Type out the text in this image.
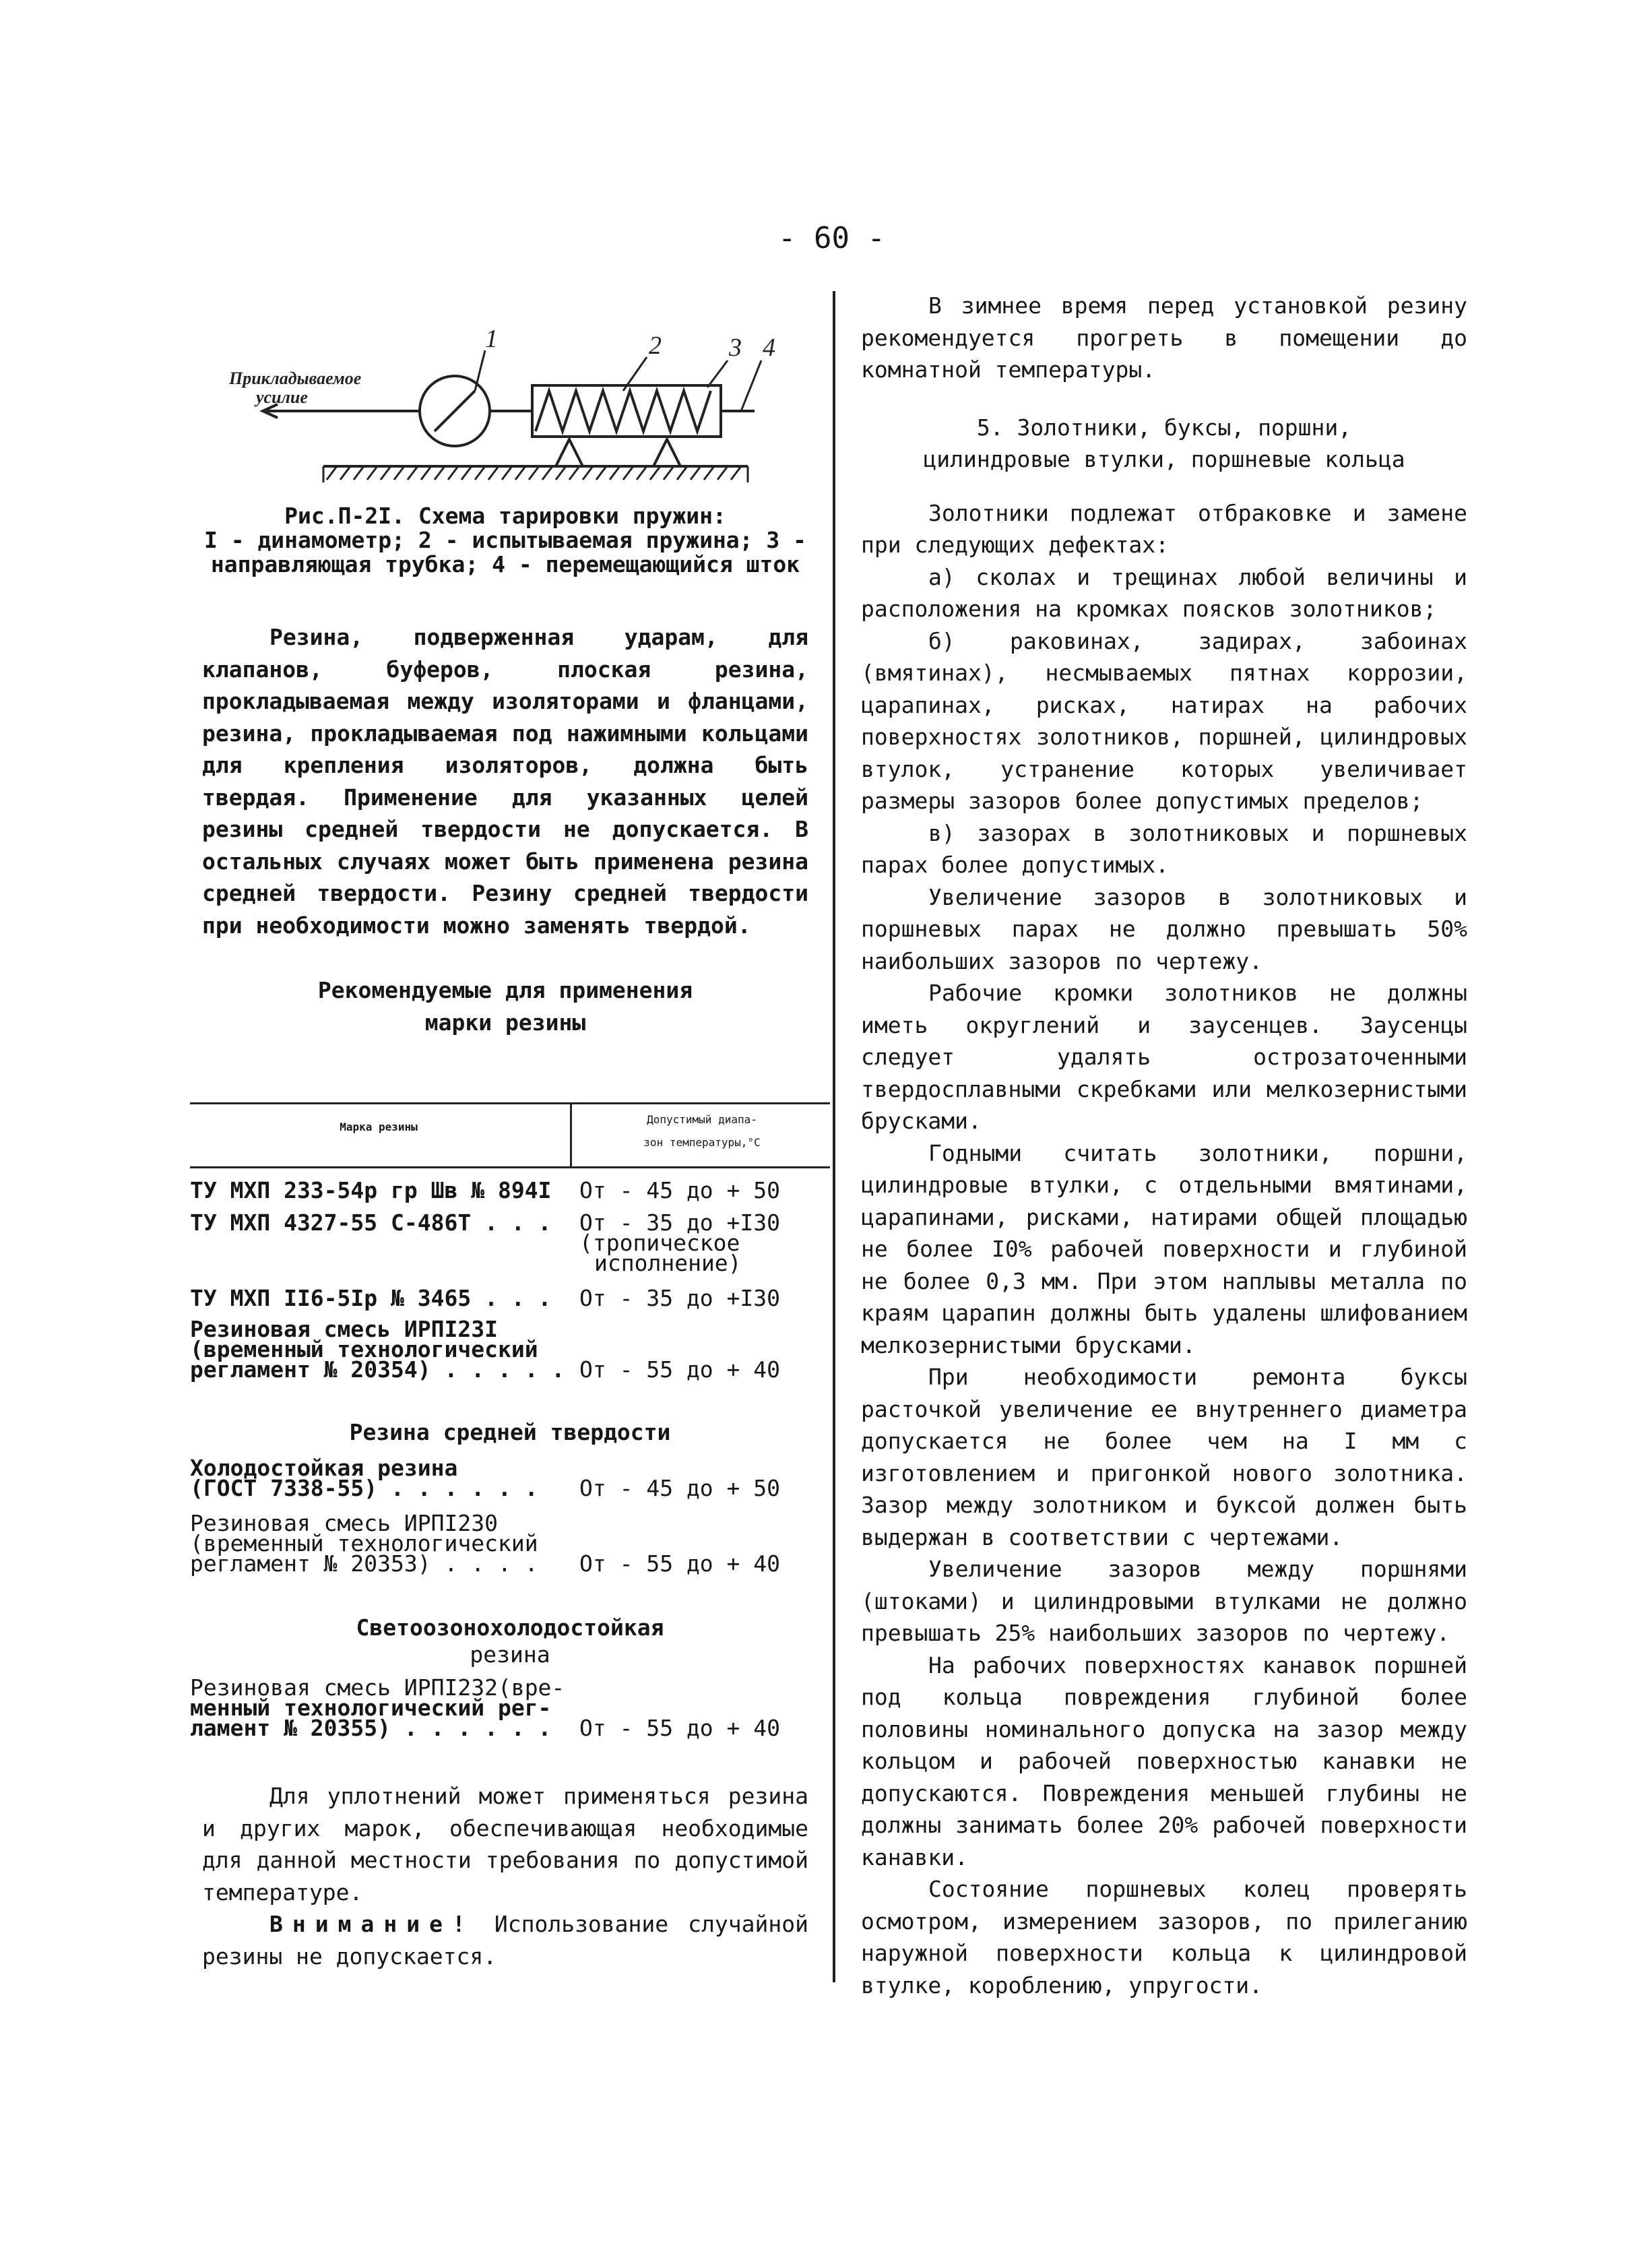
- 60 -
Прикладываемое
усилие
1	2	3 4
Рис.П-2I. Схема тарировки пружин:
I - динамометр; 2 - испытываемая пружина; 3 -
направляющая трубка; 4 - перемещающийся шток

Резина, подверженная ударам, для клапанов, буферов, плоская резина, прокладываемая между изоляторами и фланцами, резина, прокладываемая под нажимными кольцами для крепления изоляторов, должна быть твердая. Применение для указанных целей резины средней твердости не допускается. В остальных случаях может быть применена резина средней твердости. Резину средней твердости при необходимости можно заменять твердой.

Рекомендуемые для применения

марки резины

Марка резины
Допустимый диапа-
зон температуры,°С
ТУ МХП 233-54р гр Шв № 894I	От - 45 до + 50
ТУ МХП 4327-55 С-486Т . . .	От - 35 до +I30
(тропическое
исполнение)
ТУ МХП II6-5Iр № 3465 . . .	От - 35 до +I30
Резиновая смесь ИРПI23I
(временный технологический
регламент № 20354) . . . . . От - 55 до + 40
Резина средней твердости
Холодостойкая резина
(ГОСТ 7338-55) . . . . . .	От - 45 до + 50
Резиновая смесь ИРПI230
(временный технологический
регламент № 20353) . . . .	От - 55 до + 40
Светоозонохолодостойкая
резина
Резиновая смесь ИРПI232(вре-
менный технологический рег-
ламент № 20355) . . . . . .	От - 55 до + 40

Для уплотнений может применяться резина и других марок, обеспечивающая необходимые для данной местности требования по допустимой температуре.

Внимание! Использование случайной резины не допускается.

В зимнее время перед установкой резину рекомендуется прогреть в помещении до комнатной температуры.

5. Золотники, буксы, поршни,

цилиндровые втулки, поршневые кольца

Золотники подлежат отбраковке и замене при следующих дефектах:

а) сколах и трещинах любой величины и расположения на кромках поясков золотников;

б) раковинах, задирах, забоинах (вмятинах), несмываемых пятнах коррозии, царапинах, рисках, натирах на рабочих поверхностях золотников, поршней, цилиндровых втулок, устранение которых увеличивает размеры зазоров более допустимых пределов;

в) зазорах в золотниковых и поршневых парах более допустимых.

Увеличение зазоров в золотниковых и поршневых парах не должно превышать 50% наибольших зазоров по чертежу.

Рабочие кромки золотников не должны иметь округлений и заусенцев. Заусенцы следует удалять острозаточенными твердосплавными скребками или мелкозернистыми брусками.

Годными считать золотники, поршни, цилиндровые втулки, с отдельными вмятинами, царапинами, рисками, натирами общей площадью не более I0% рабочей поверхности и глубиной не более 0,3 мм. При этом наплывы металла по краям царапин должны быть удалены шлифованием мелкозернистыми брусками.

При необходимости ремонта буксы расточкой увеличение ее внутреннего диаметра допускается не более чем на I мм с изготовлением и пригонкой нового золотника. Зазор между золотником и буксой должен быть выдержан в соответствии с чертежами.

Увеличение зазоров между поршнями (штоками) и цилиндровыми втулками не должно превышать 25% наибольших зазоров по чертежу.

На рабочих поверхностях канавок поршней под кольца повреждения глубиной более половины номинального допуска на зазор между кольцом и рабочей поверхностью канавки не допускаются. Повреждения меньшей глубины не должны занимать более 20% рабочей поверхности канавки.

Состояние поршневых колец проверять осмотром, измерением зазоров, по прилеганию наружной поверхности кольца к цилиндровой втулке, короблению, упругости.
